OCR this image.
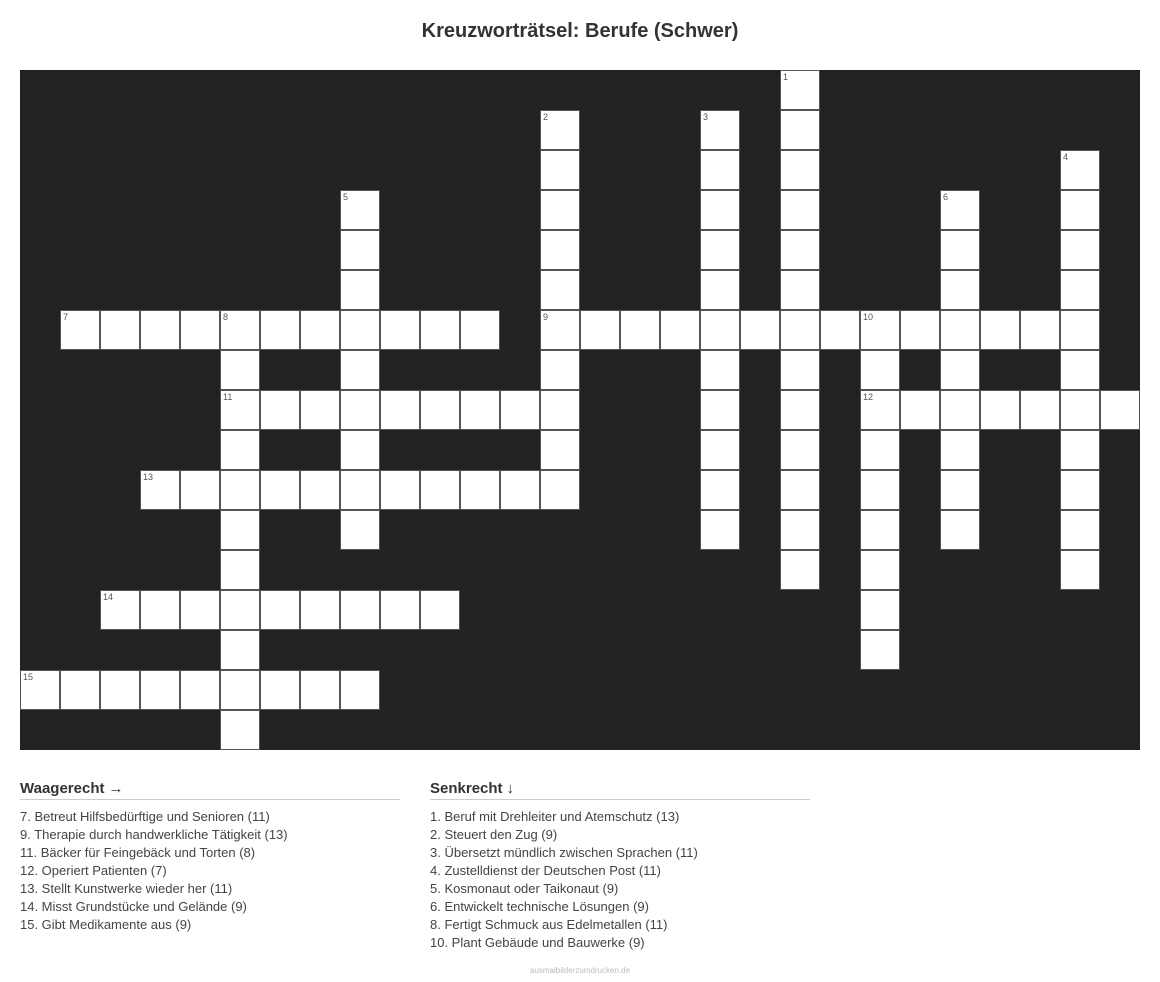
Kreuzworträtsel: Berufe (Schwer)
7	8	9	10
11	12
13
14
15
1
2	3
4
5	6
Waagerecht →
7. Betreut Hilfsbedürftige und Senioren (11)
9. Therapie durch handwerkliche Tätigkeit (13)
11. Bäcker für Feingebäck und Torten (8)
12. Operiert Patienten (7)
13. Stellt Kunstwerke wieder her (11)
14. Misst Grundstücke und Gelände (9)
15. Gibt Medikamente aus (9)
Senkrecht ↓
1. Beruf mit Drehleiter und Atemschutz (13)
2. Steuert den Zug (9)
3. Übersetzt mündlich zwischen Sprachen (11)
4. Zustelldienst der Deutschen Post (11)
5. Kosmonaut oder Taikonaut (9)
6. Entwickelt technische Lösungen (9)
8. Fertigt Schmuck aus Edelmetallen (11)
10. Plant Gebäude und Bauwerke (9)
ausmalbilderzumdrucken.de
